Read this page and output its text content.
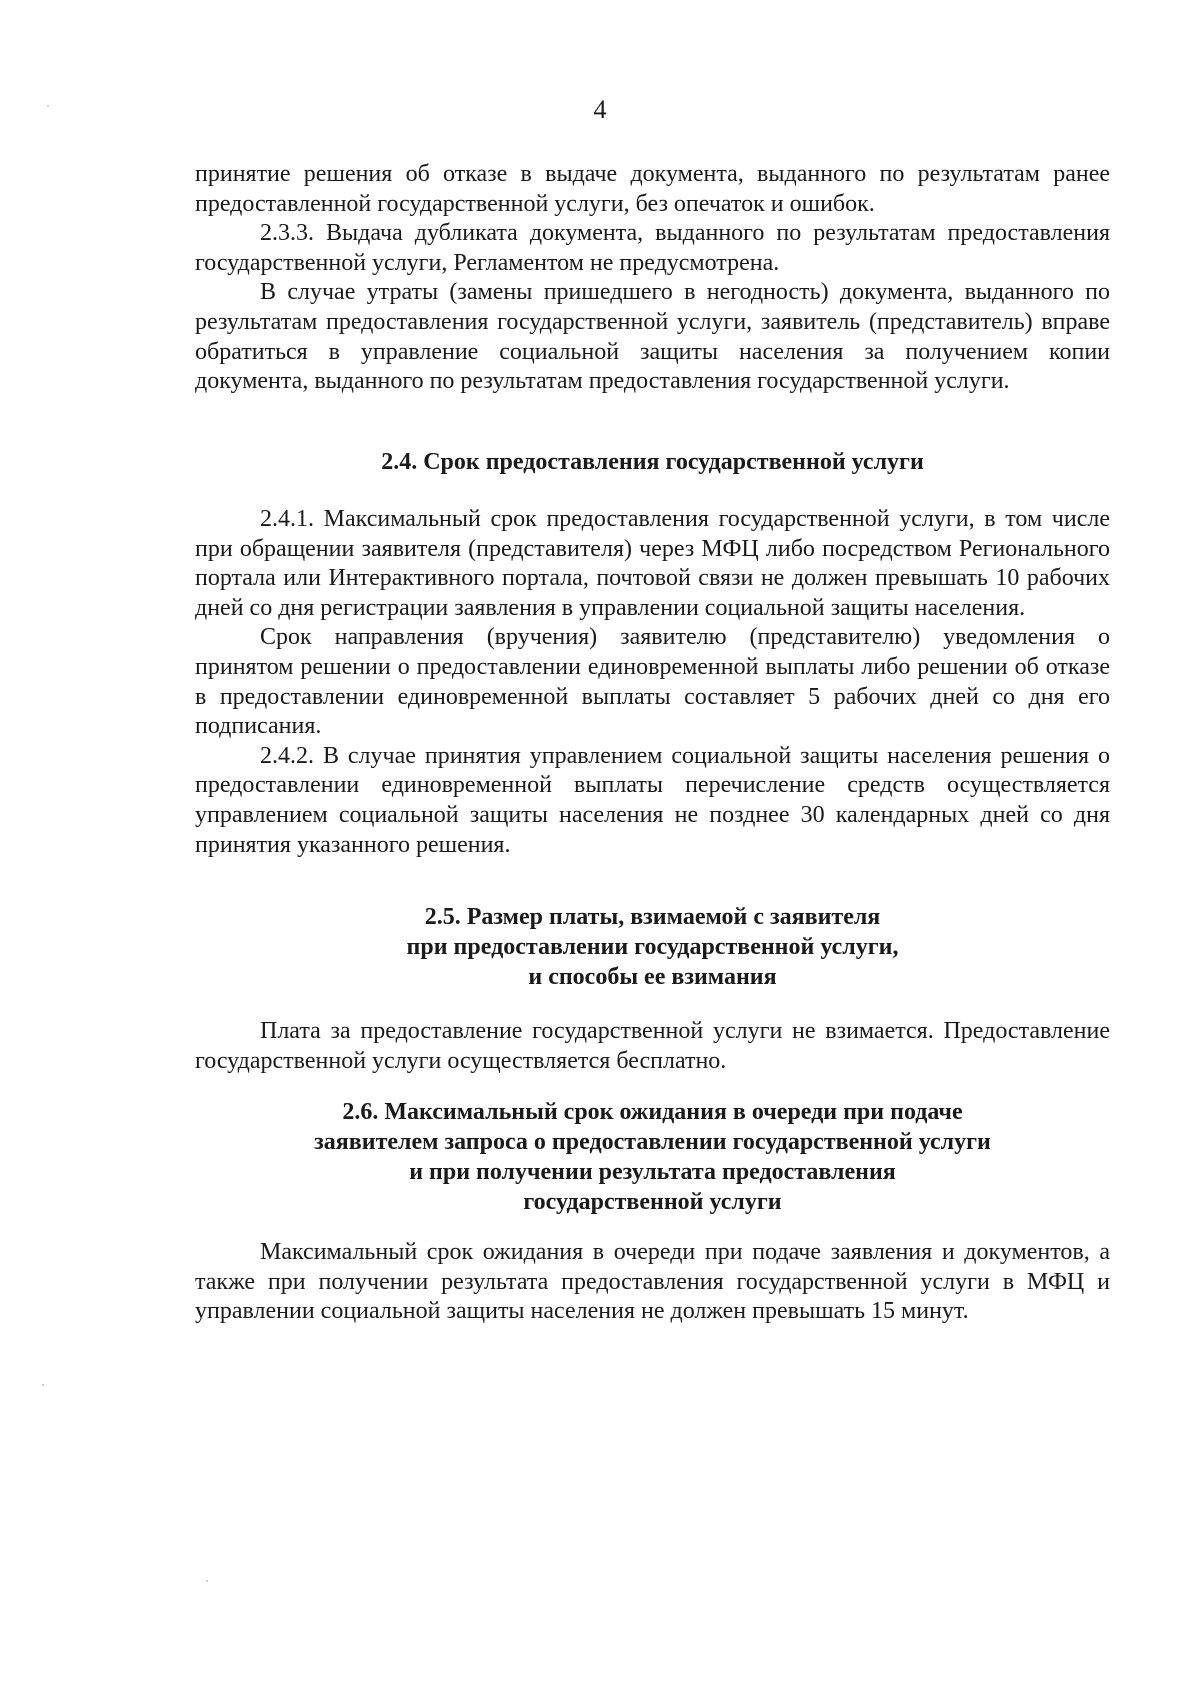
4

принятие решения об отказе в выдаче документа, выданного по результатам ранее предоставленной государственной услуги, без опечаток и ошибок.

2.3.3. Выдача дубликата документа, выданного по результатам предоставления государственной услуги, Регламентом не предусмотрена.

В случае утраты (замены пришедшего в негодность) документа, выданного по результатам предоставления государственной услуги, заявитель (представитель) вправе обратиться в управление социальной защиты населения за получением копии документа, выданного по результатам предоставления государственной услуги.

2.4. Срок предоставления государственной услуги

2.4.1. Максимальный срок предоставления государственной услуги, в том числе при обращении заявителя (представителя) через МФЦ либо посредством Регионального портала или Интерактивного портала, почтовой связи не должен превышать 10 рабочих дней со дня регистрации заявления в управлении социальной защиты населения.

Срок направления (вручения) заявителю (представителю) уведомления о принятом решении о предоставлении единовременной выплаты либо решении об отказе в предоставлении единовременной выплаты составляет 5 рабочих дней со дня его подписания.

2.4.2. В случае принятия управлением социальной защиты населения решения о предоставлении единовременной выплаты перечисление средств осуществляется управлением социальной защиты населения не позднее 30 календарных дней со дня принятия указанного решения.

2.5. Размер платы, взимаемой с заявителя
при предоставлении государственной услуги,
и способы ее взимания

Плата за предоставление государственной услуги не взимается. Предоставление государственной услуги осуществляется бесплатно.

2.6. Максимальный срок ожидания в очереди при подаче
заявителем запроса о предоставлении государственной услуги
и при получении результата предоставления
государственной услуги

Максимальный срок ожидания в очереди при подаче заявления и документов, а также при получении результата предоставления государственной услуги в МФЦ и управлении социальной защиты населения не должен превышать 15 минут.
